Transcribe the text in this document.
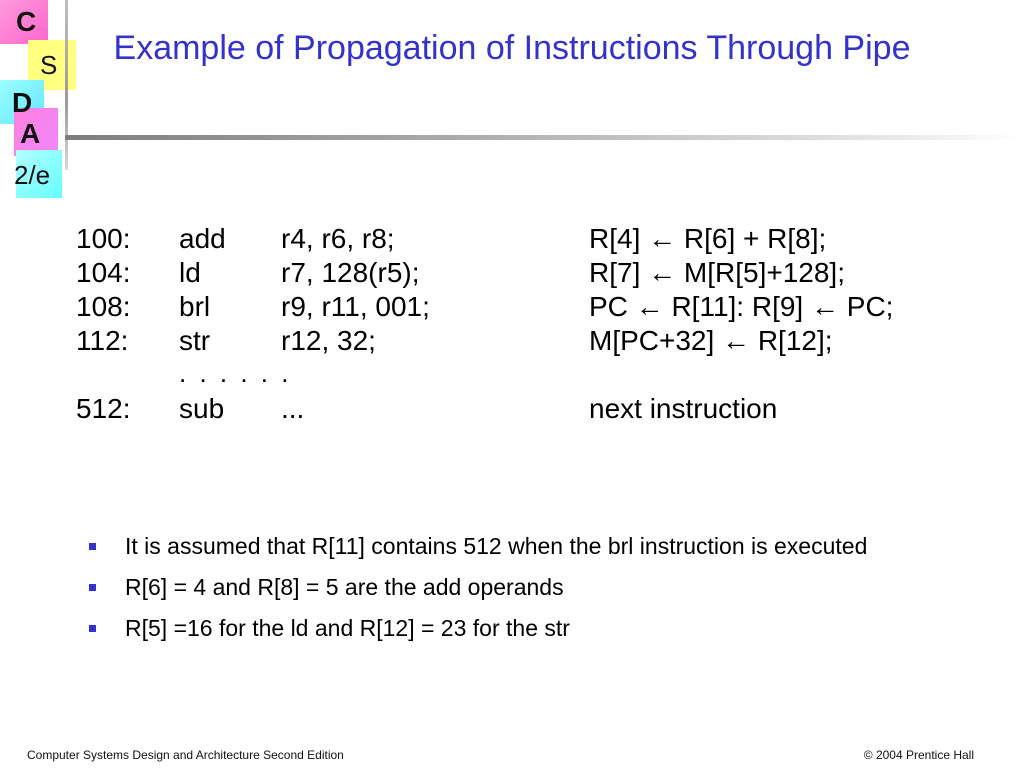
C
S
D
A
2/e
Example of Propagation of Instructions Through Pipe
100: add r4, r6, r8;	R[4] ← R[6] + R[8];
104: ld	r7, 128(r5);	R[7] ← M[R[5]+128];
108: brl	r9, r11, 001;	PC ← R[11]: R[9] ← PC;
112: str	r12, 32;	M[PC+32] ← R[12];
. . . . . .
512: sub ...	next instruction
It is assumed that R[11] contains 512 when the brl instruction is executed
R[6] = 4 and R[8] = 5 are the add operands
R[5] =16 for the ld and R[12] = 23 for the str
Computer Systems Design and Architecture Second Edition	© 2004 Prentice Hall
